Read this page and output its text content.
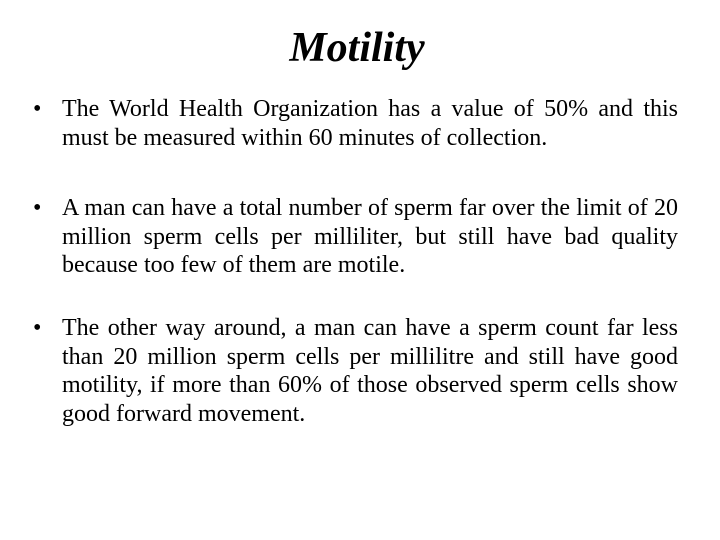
Motility
• The World Health Organization has a value of 50% and this must be measured within 60 minutes of collection.
• A man can have a total number of sperm far over the limit of 20 million sperm cells per milliliter, but still have bad quality because too few of them are motile.
• The other way around, a man can have a sperm count far less than 20 million sperm cells per millilitre and still have good motility, if more than 60% of those observed sperm cells show good forward movement.
